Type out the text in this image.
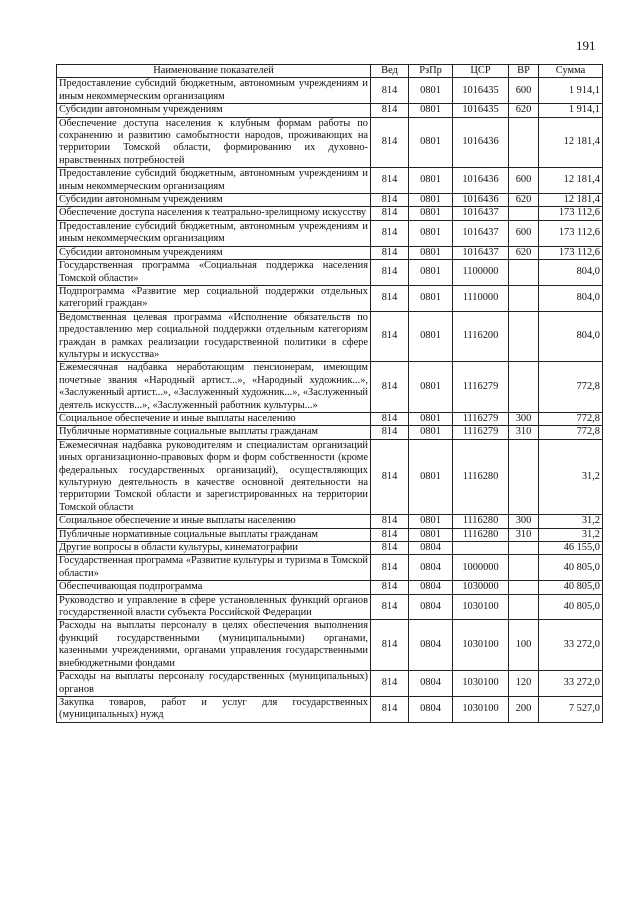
191
Наименование показателей	Вед	РзПр	ЦСР	ВР	Сумма
Предоставление субсидий бюджетным, автономным учреждениям и иным некоммерческим организациям	814	0801	1016435	600	1 914,1
Субсидии автономным учреждениям	814	0801	1016435	620	1 914,1
Обеспечение доступа населения к клубным формам работы по сохранению и развитию самобытности народов, проживающих на территории Томской области, формированию их духовно-нравственных потребностей	814	0801	1016436		12 181,4
Предоставление субсидий бюджетным, автономным учреждениям и иным некоммерческим организациям	814	0801	1016436	600	12 181,4
Субсидии автономным учреждениям	814	0801	1016436	620	12 181,4
Обеспечение доступа населения к театрально-зрелищному искусству	814	0801	1016437		173 112,6
Предоставление субсидий бюджетным, автономным учреждениям и иным некоммерческим организациям	814	0801	1016437	600	173 112,6
Субсидии автономным учреждениям	814	0801	1016437	620	173 112,6
Государственная программа «Социальная поддержка населения Томской области»	814	0801	1100000		804,0
Подпрограмма «Развитие мер социальной поддержки отдельных категорий граждан»	814	0801	1110000		804,0
Ведомственная целевая программа «Исполнение обязательств по предоставлению мер социальной поддержки отдельным категориям граждан в рамках реализации государственной политики в сфере культуры и искусства»	814	0801	1116200		804,0
Ежемесячная надбавка неработающим пенсионерам, имеющим почетные звания «Народный артист...», «Народный художник...», «Заслуженный артист...», «Заслуженный художник...», «Заслуженный деятель искусств...», «Заслуженный работник культуры...»	814	0801	1116279		772,8
Социальное обеспечение и иные выплаты населению	814	0801	1116279	300	772,8
Публичные нормативные социальные выплаты гражданам	814	0801	1116279	310	772,8
Ежемесячная надбавка руководителям и специалистам организаций иных организационно-правовых форм и форм собственности (кроме федеральных государственных организаций), осуществляющих культурную деятельность в качестве основной деятельности на территории Томской области и зарегистрированных на территории Томской области	814	0801	1116280		31,2
Социальное обеспечение и иные выплаты населению	814	0801	1116280	300	31,2
Публичные нормативные социальные выплаты гражданам	814	0801	1116280	310	31,2
Другие вопросы в области культуры, кинематографии	814	0804			46 155,0
Государственная программа «Развитие культуры и туризма в Томской области»	814	0804	1000000		40 805,0
Обеспечивающая подпрограмма	814	0804	1030000		40 805,0
Руководство и управление в сфере установленных функций органов государственной власти субъекта Российской Федерации	814	0804	1030100		40 805,0
Расходы на выплаты персоналу в целях обеспечения выполнения функций государственными (муниципальными) органами, казенными учреждениями, органами управления государственными внебюджетными фондами	814	0804	1030100	100	33 272,0
Расходы на выплаты персоналу государственных (муниципальных) органов	814	0804	1030100	120	33 272,0
Закупка товаров, работ и услуг для государственных (муниципальных) нужд	814	0804	1030100	200	7 527,0
